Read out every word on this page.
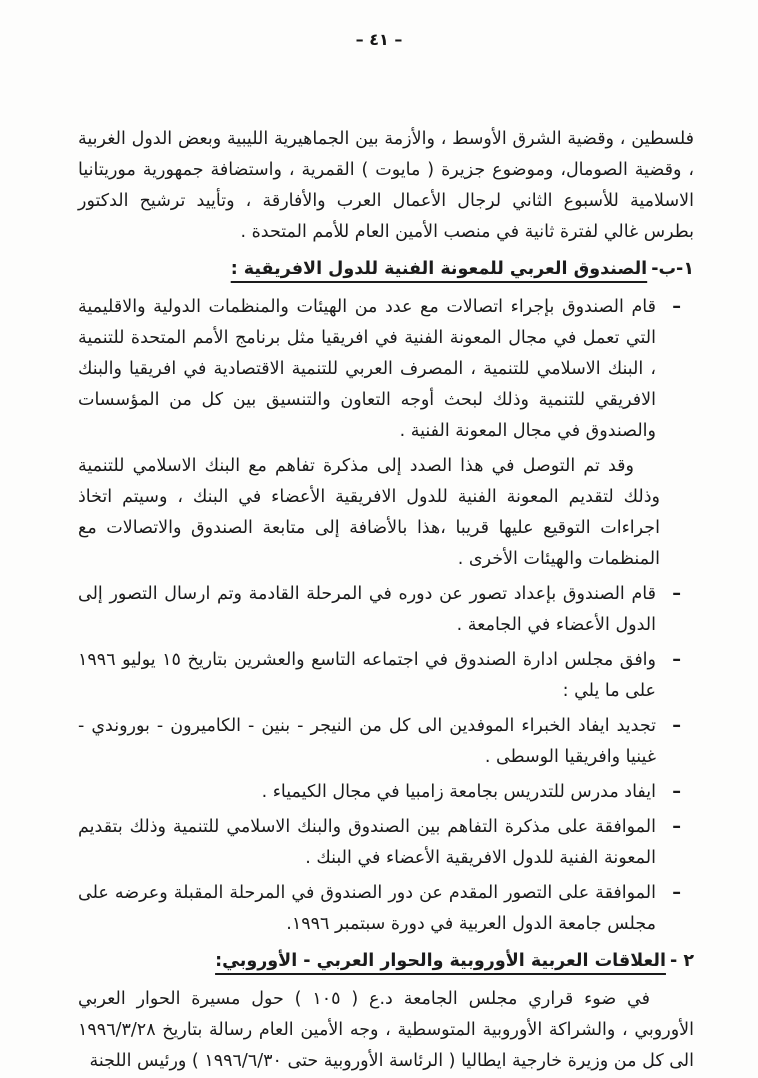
– ٤١ –

فلسطين ، وقضية الشرق الأوسط ، والأزمة بين الجماهيرية الليبية وبعض الدول الغربية ، وقضية الصومال، وموضوع جزيرة ( مايوت ) القمرية ، واستضافة جمهورية موريتانيا الاسلامية للأسبوع الثاني لرجال الأعمال العرب والأفارقة ، وتأييد ترشيح الدكتور بطرس غالي لفترة ثانية في منصب الأمين العام للأمم المتحدة .

١-ب-الصندوق العربي للمعونة الفنية للدول الافريقية :
–
قام الصندوق بإجراء اتصالات مع عدد من الهيئات والمنظمات الدولية والاقليمية التي تعمل في مجال المعونة الفنية في افريقيا مثل برنامج الأمم المتحدة للتنمية ، البنك الاسلامي للتنمية ، المصرف العربي للتنمية الاقتصادية في افريقيا والبنك الافريقي للتنمية وذلك لبحث أوجه التعاون والتنسيق بين كل من المؤسسات والصندوق في مجال المعونة الفنية .

وقد تم التوصل في هذا الصدد إلى مذكرة تفاهم مع البنك الاسلامي للتنمية وذلك لتقديم المعونة الفنية للدول الافريقية الأعضاء في البنك ، وسيتم اتخاذ اجراءات التوقيع عليها قريبا ،هذا بالأضافة إلى متابعة الصندوق والاتصالات مع المنظمات والهيئات الأخرى .

–
قام الصندوق بإعداد تصور عن دوره في المرحلة القادمة وتم ارسال التصور إلى الدول الأعضاء في الجامعة .
–
وافق مجلس ادارة الصندوق في اجتماعه التاسع والعشرين بتاريخ ١٥ يوليو ١٩٩٦ على ما يلي :
–
تجديد ايفاد الخبراء الموفدين الى كل من النيجر - بنين - الكاميرون - بوروندي - غينيا وافريقيا الوسطى .
–
ايفاد مدرس للتدريس بجامعة زامبيا في مجال الكيمياء .
–
الموافقة على مذكرة التفاهم بين الصندوق والبنك الاسلامي للتنمية وذلك بتقديم المعونة الفنية للدول الافريقية الأعضاء في البنك .
–
الموافقة على التصور المقدم عن دور الصندوق في المرحلة المقبلة وعرضه على مجلس جامعة الدول العربية في دورة سبتمبر ١٩٩٦.
٢ -العلاقات العربية الأوروبية والحوار العربي - الأوروبي:

في ضوء قراري مجلس الجامعة د.ع ( ١٠٥ ) حول مسيرة الحوار العربي الأوروبي ، والشراكة الأوروبية المتوسطية ، وجه الأمين العام رسالة بتاريخ ١٩٩٦/٣/٢٨ الى كل من وزيرة خارجية ايطاليا ( الرئاسة الأوروبية حتى ١٩٩٦/٦/٣٠ ) ورئيس اللجنة
